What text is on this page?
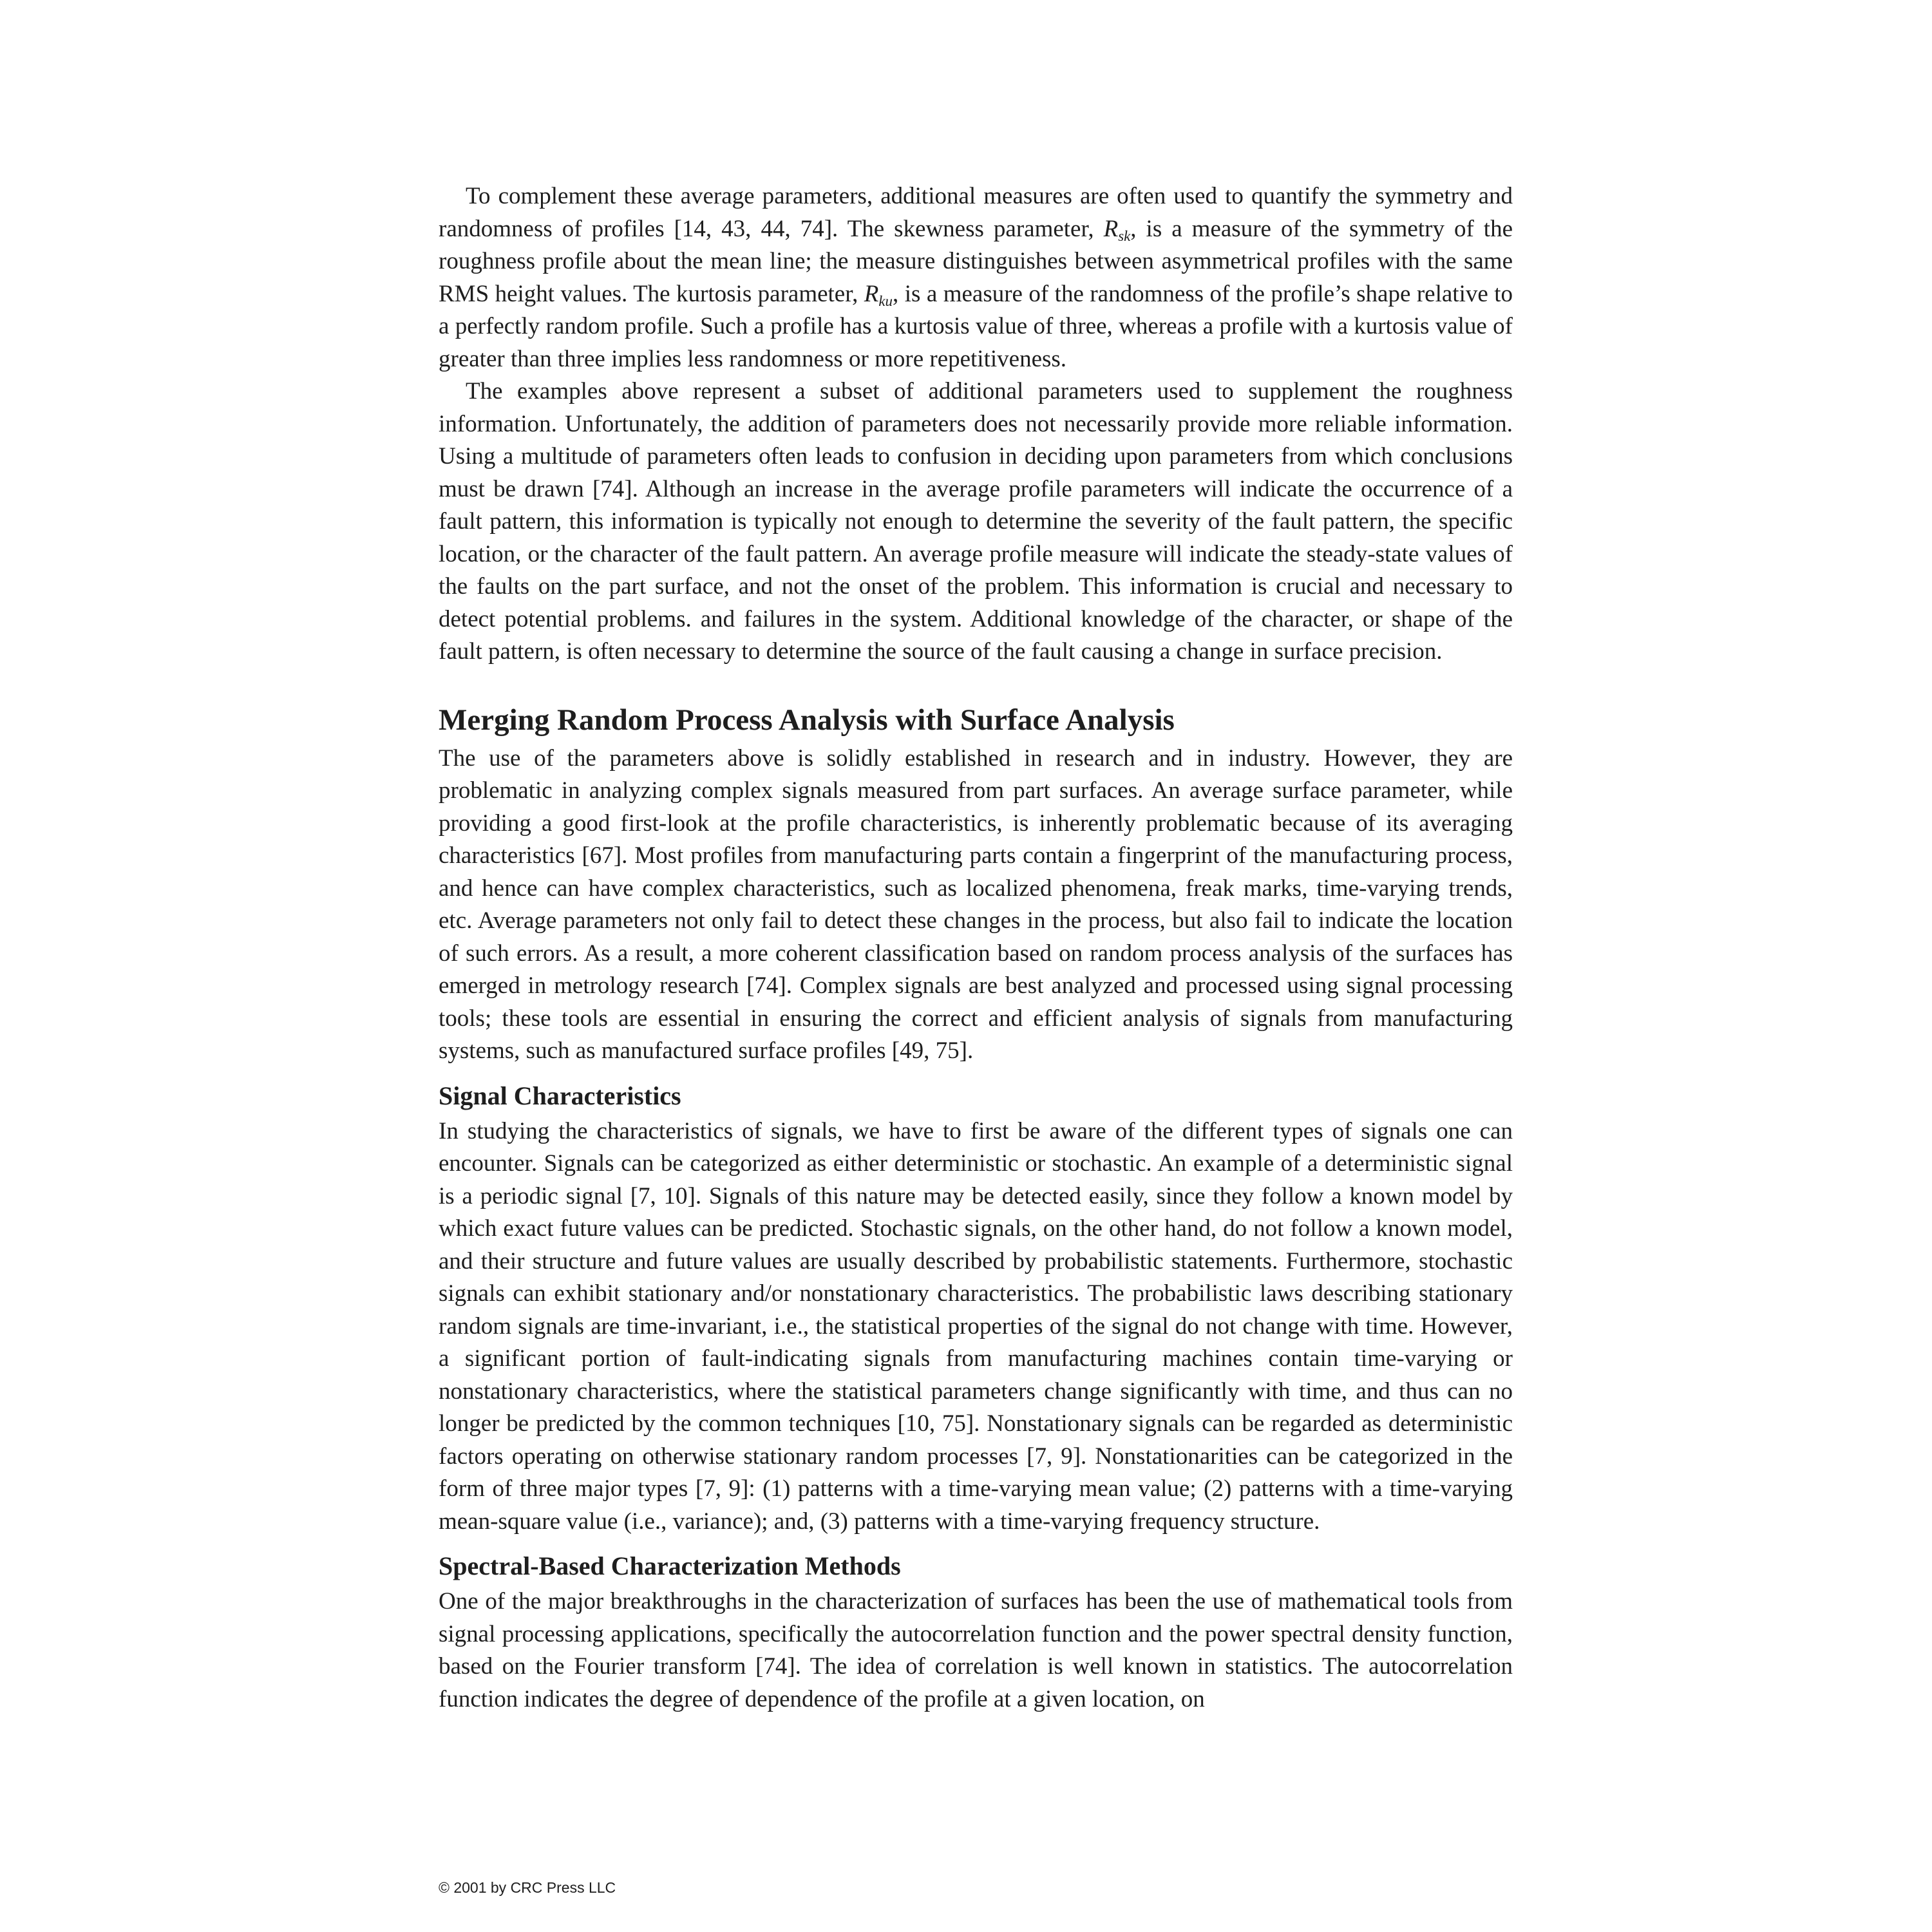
To complement these average parameters, additional measures are often used to quantify the symmetry and randomness of profiles [14, 43, 44, 74]. The skewness parameter, $R_{sk}$, is a measure of the symmetry of the roughness profile about the mean line; the measure distinguishes between asymmetrical profiles with the same RMS height values. The kurtosis parameter, $R_{ku}$, is a measure of the randomness of the profile’s shape relative to a perfectly random profile. Such a profile has a kurtosis value of three, whereas a profile with a kurtosis value of greater than three implies less randomness or more repetitiveness.

The examples above represent a subset of additional parameters used to supplement the roughness information. Unfortunately, the addition of parameters does not necessarily provide more reliable information. Using a multitude of parameters often leads to confusion in deciding upon parameters from which conclusions must be drawn [74]. Although an increase in the average profile parameters will indicate the occurrence of a fault pattern, this information is typically not enough to determine the severity of the fault pattern, the specific location, or the character of the fault pattern. An average profile measure will indicate the steady-state values of the faults on the part surface, and not the onset of the problem. This information is crucial and necessary to detect potential problems. and failures in the system. Additional knowledge of the character, or shape of the fault pattern, is often necessary to determine the source of the fault causing a change in surface precision.

Merging Random Process Analysis with Surface Analysis

The use of the parameters above is solidly established in research and in industry. However, they are problematic in analyzing complex signals measured from part surfaces. An average surface parameter, while providing a good first-look at the profile characteristics, is inherently problematic because of its averaging characteristics [67]. Most profiles from manufacturing parts contain a fingerprint of the manufacturing process, and hence can have complex characteristics, such as localized phenomena, freak marks, time-varying trends, etc. Average parameters not only fail to detect these changes in the process, but also fail to indicate the location of such errors. As a result, a more coherent classification based on random process analysis of the surfaces has emerged in metrology research [74]. Complex signals are best analyzed and processed using signal processing tools; these tools are essential in ensuring the correct and efficient analysis of signals from manufacturing systems, such as manufactured surface profiles [49, 75].

Signal Characteristics

In studying the characteristics of signals, we have to first be aware of the different types of signals one can encounter. Signals can be categorized as either deterministic or stochastic. An example of a deterministic signal is a periodic signal [7, 10]. Signals of this nature may be detected easily, since they follow a known model by which exact future values can be predicted. Stochastic signals, on the other hand, do not follow a known model, and their structure and future values are usually described by probabilistic statements. Furthermore, stochastic signals can exhibit stationary and/or nonstationary characteristics. The probabilistic laws describing stationary random signals are time-invariant, i.e., the statistical properties of the signal do not change with time. However, a significant portion of fault-indicating signals from manufacturing machines contain time-varying or nonstationary characteristics, where the statistical parameters change significantly with time, and thus can no longer be predicted by the common techniques [10, 75]. Nonstationary signals can be regarded as deterministic factors operating on otherwise stationary random processes [7, 9]. Nonstationarities can be categorized in the form of three major types [7, 9]: (1) patterns with a time-varying mean value; (2) patterns with a time-varying mean-square value (i.e., variance); and, (3) patterns with a time-varying frequency structure.

Spectral-Based Characterization Methods

One of the major breakthroughs in the characterization of surfaces has been the use of mathematical tools from signal processing applications, specifically the autocorrelation function and the power spectral density function, based on the Fourier transform [74]. The idea of correlation is well known in statistics. The autocorrelation function indicates the degree of dependence of the profile at a given location, on

© 2001 by CRC Press LLC
